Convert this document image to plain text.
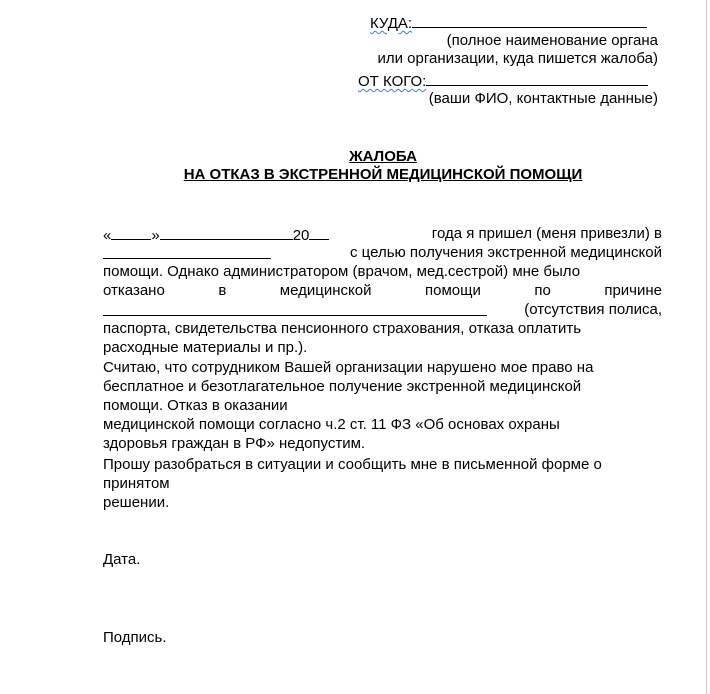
КУДА:
(полное наименование органа
или организации, куда пишется жалоба)
ОТ КОГО:
(ваши ФИО, контактные данные)
ЖАЛОБА
НА ОТКАЗ В ЭКСТРЕННОЙ МЕДИЦИНСКОЙ ПОМОЩИ
«	»	20	года я пришел (меня привезли) в
с целью получения экстренной медицинской
помощи. Однако администратором (врачом, мед.сестрой) мне было
отказано	в	медицинской	помощи	по	причине
(отсутствия полиса,
паспорта, свидетельства пенсионного страхования, отказа оплатить
расходные материалы и пр.).
Считаю, что сотрудником Вашей организации нарушено мое право на
бесплатное и безотлагательное получение экстренной медицинской
помощи. Отказ в оказании
медицинской помощи согласно ч.2 ст. 11 ФЗ «Об основах охраны
здоровья граждан в РФ» недопустим.
Прошу разобраться в ситуации и сообщить мне в письменной форме о
принятом
решении.
Дата.
Подпись.
